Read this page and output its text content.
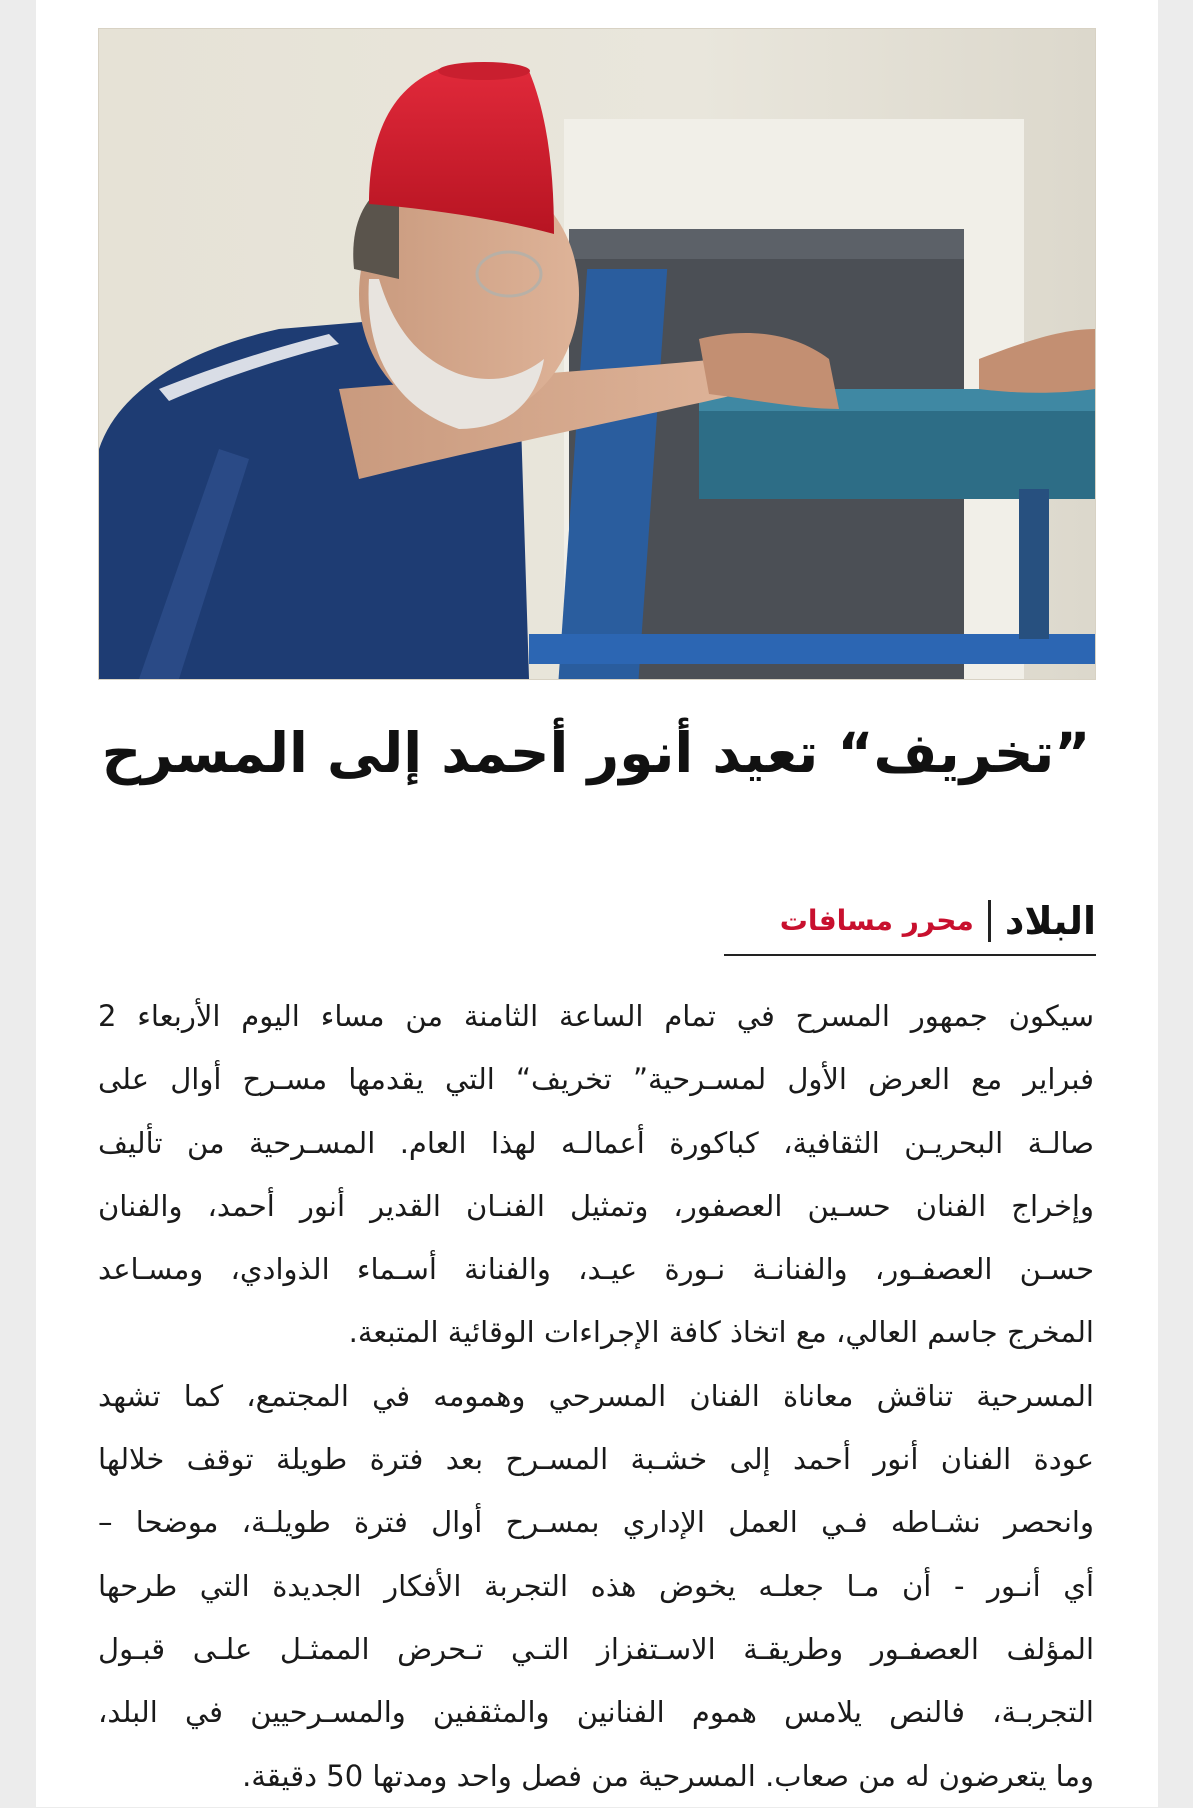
”تخريف“ تعيد أنور أحمد إلى المسرح
البلاد
محرر مسافات
سيكون جمهور المسرح في تمام الساعة الثامنة من مساء اليوم الأربعاء 2
فبراير مع العرض الأول لمسـرحية” تخريف“ التي يقدمها مسـرح أوال على
صالـة البحريـن الثقافية، كباكورة أعمالـه لهذا العام. المسـرحية من تأليف
وإخراج الفنان حسـين العصفور، وتمثيل الفنـان القدير أنور أحمد، والفنان
حسـن العصفـور، والفنانـة نـورة عيـد، والفنانة أسـماء الذوادي، ومسـاعد
المخرج جاسم العالي، مع اتخاذ كافة الإجراءات الوقائية المتبعة.
المسرحية تناقش معاناة الفنان المسرحي وهمومه في المجتمع، كما تشهد
عودة الفنان أنور أحمد إلى خشـبة المسـرح بعد فترة طويلة توقف خلالها
وانحصر نشـاطه فـي العمل الإداري بمسـرح أوال فترة طويلـة، موضحا –
أي أنـور - أن مـا جعلـه يخوض هذه التجربة الأفكار الجديدة التي طرحها
المؤلف العصفـور وطريقـة الاسـتفزاز التـي تـحرض الممثـل علـى قبـول
التجربـة، فالنص يلامس هموم الفنانين والمثقفين والمسـرحيين في البلد،
وما يتعرضون له من صعاب. المسرحية من فصل واحد ومدتها 50 دقيقة.
